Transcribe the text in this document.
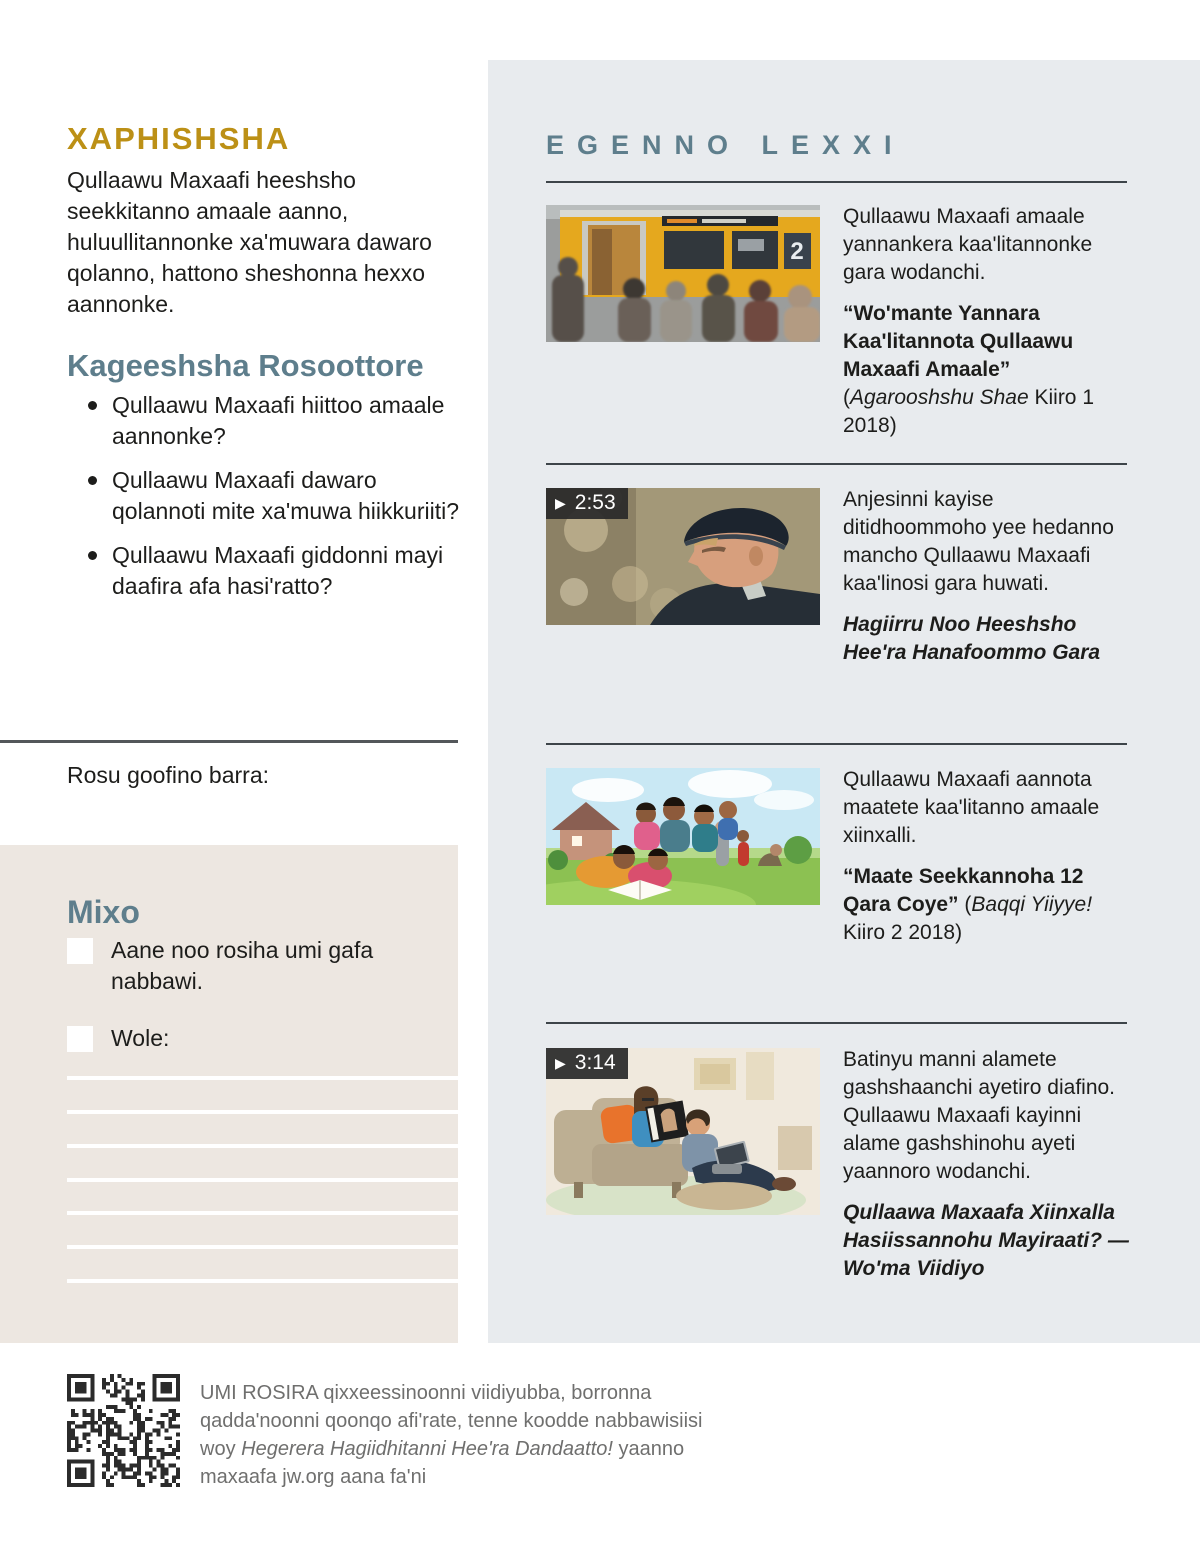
XAPHISHSHA

Qullaawu Maxaafi heeshsho seekkitanno amaale aanno, huluullitannonke xa'muwara dawaro qolanno, hattono sheshonna hexxo aannonke.

Kageeshsha Rosoottore
Qullaawu Maxaafi hiittoo amaale aannonke?
Qullaawu Maxaafi dawaro qolannoti mite xa'muwa hiikkuriiti?
Qullaawu Maxaafi giddonni mayi daafira afa hasi'ratto?

Rosu goofino barra:

Mixo
Aane noo rosiha umi gafa nabbawi.
Wole:
EGENNO LEXXI
2

Qullaawu Maxaafi amaale yannankera kaa'litannonke gara wodanchi.

“Wo'mante Yannara Kaa'litannota Qullaawu Maxaafi Amaale”

(Agarooshshu Shae Kiiro 1 2018)

▶ 2:53	Anjesinni kayise ditidhoommoho yee hedanno mancho Qullaawu Maxaafi kaa'linosi gara huwati.

Hagiirru Noo Heeshsho Hee'ra Hanafoommo Gara

Qullaawu Maxaafi aannota maatete kaa'litanno amaale xiinxalli.

“Maate Seekkannoha 12 Qara Coye” (Baqqi Yiiyye! Kiiro 2 2018)

▶ 3:14	Batinyu manni alamete gashshaanchi ayetiro diafino. Qullaawu Maxaafi kayinni alame gashshinohu ayeti yaannoro wodanchi.

Qullaawa Maxaafa Xiinxalla Hasiissannohu Mayiraati? —Wo'ma Viidiyo

UMI ROSIRA qixxeessinoonni viidiyubba, borronna qadda'noonni qoonqo afi'rate, tenne koodde nabbawisiisi woy Hegerera Hagiidhitanni Hee'ra Dandaatto! yaanno maxaafa jw.org aana fa'ni
